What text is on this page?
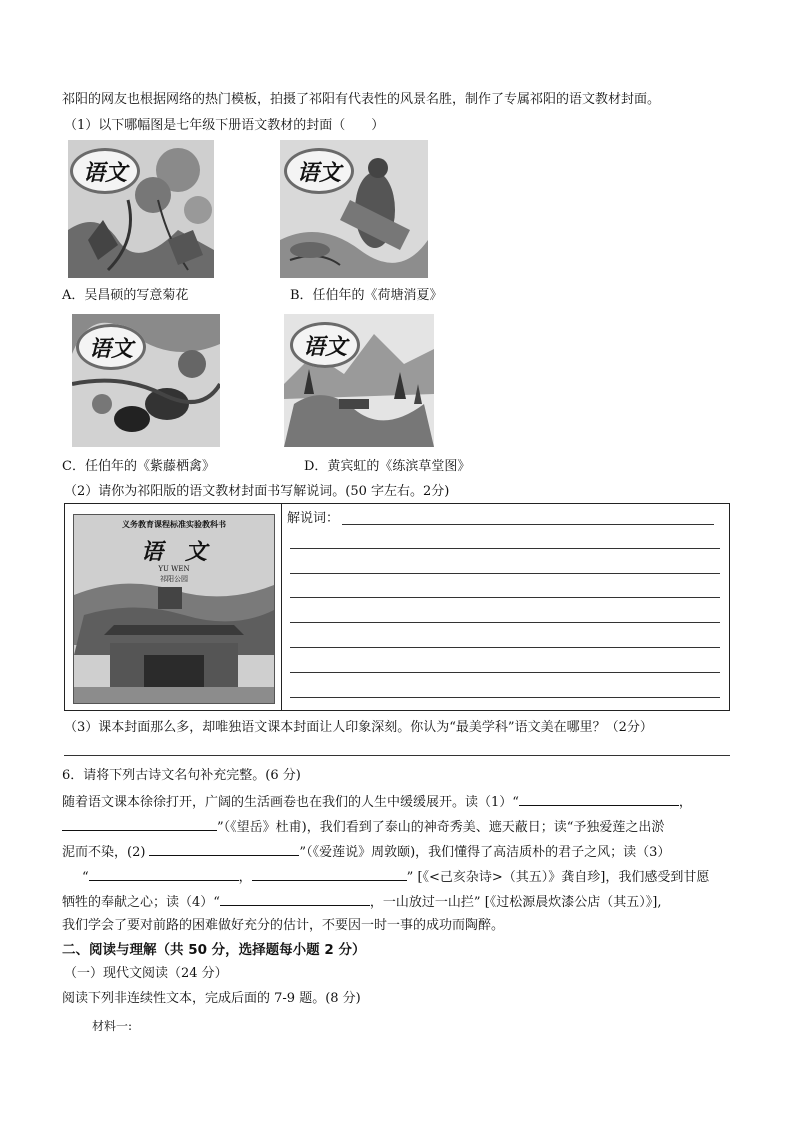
祁阳的网友也根据网络的热门模板，拍摄了祁阳有代表性的风景名胜，制作了专属祁阳的语文教材封面。
（1）以下哪幅图是七年级下册语文教材的封面（　　）
语文	语文
A．吴昌硕的写意菊花	B．任伯年的《荷塘消夏》
语文	语文
C．任伯年的《紫藤栖禽》	D．黄宾虹的《练滨草堂图》
（2）请你为祁阳版的语文教材封面书写解说词。(50 字左右。2分)
义务教育课程标准实验教科书
语　文
YU WEN
祁阳公园
解说词：
（3）课本封面那么多，却唯独语文课本封面让人印象深刻。你认为“最美学科”语文美在哪里？（2分）
6．请将下列古诗文名句补充完整。(6 分)
随着语文课本徐徐打开，广阔的生活画卷也在我们的人生中缓缓展开。读（1）“	，
”（《望岳》杜甫)，我们看到了泰山的神奇秀美、遮天蔽日；读“予独爱莲之出淤
泥而不染，(2)	”（《爱莲说》周敦颐)，我们懂得了高洁质朴的君子之风；读（3）
“	，	” [《<己亥杂诗>（其五）》龚自珍]，我们感受到甘愿
牺牲的奉献之心；读（4）“	，一山放过一山拦” [《过松源晨炊漆公店（其五）》],
我们学会了要对前路的困难做好充分的估计，不要因一时一事的成功而陶醉。
二、阅读与理解（共 50 分，选择题每小题 2 分）
（一）现代文阅读（24 分）
阅读下列非连续性文本，完成后面的 7-9 题。(8 分)
材料一:
